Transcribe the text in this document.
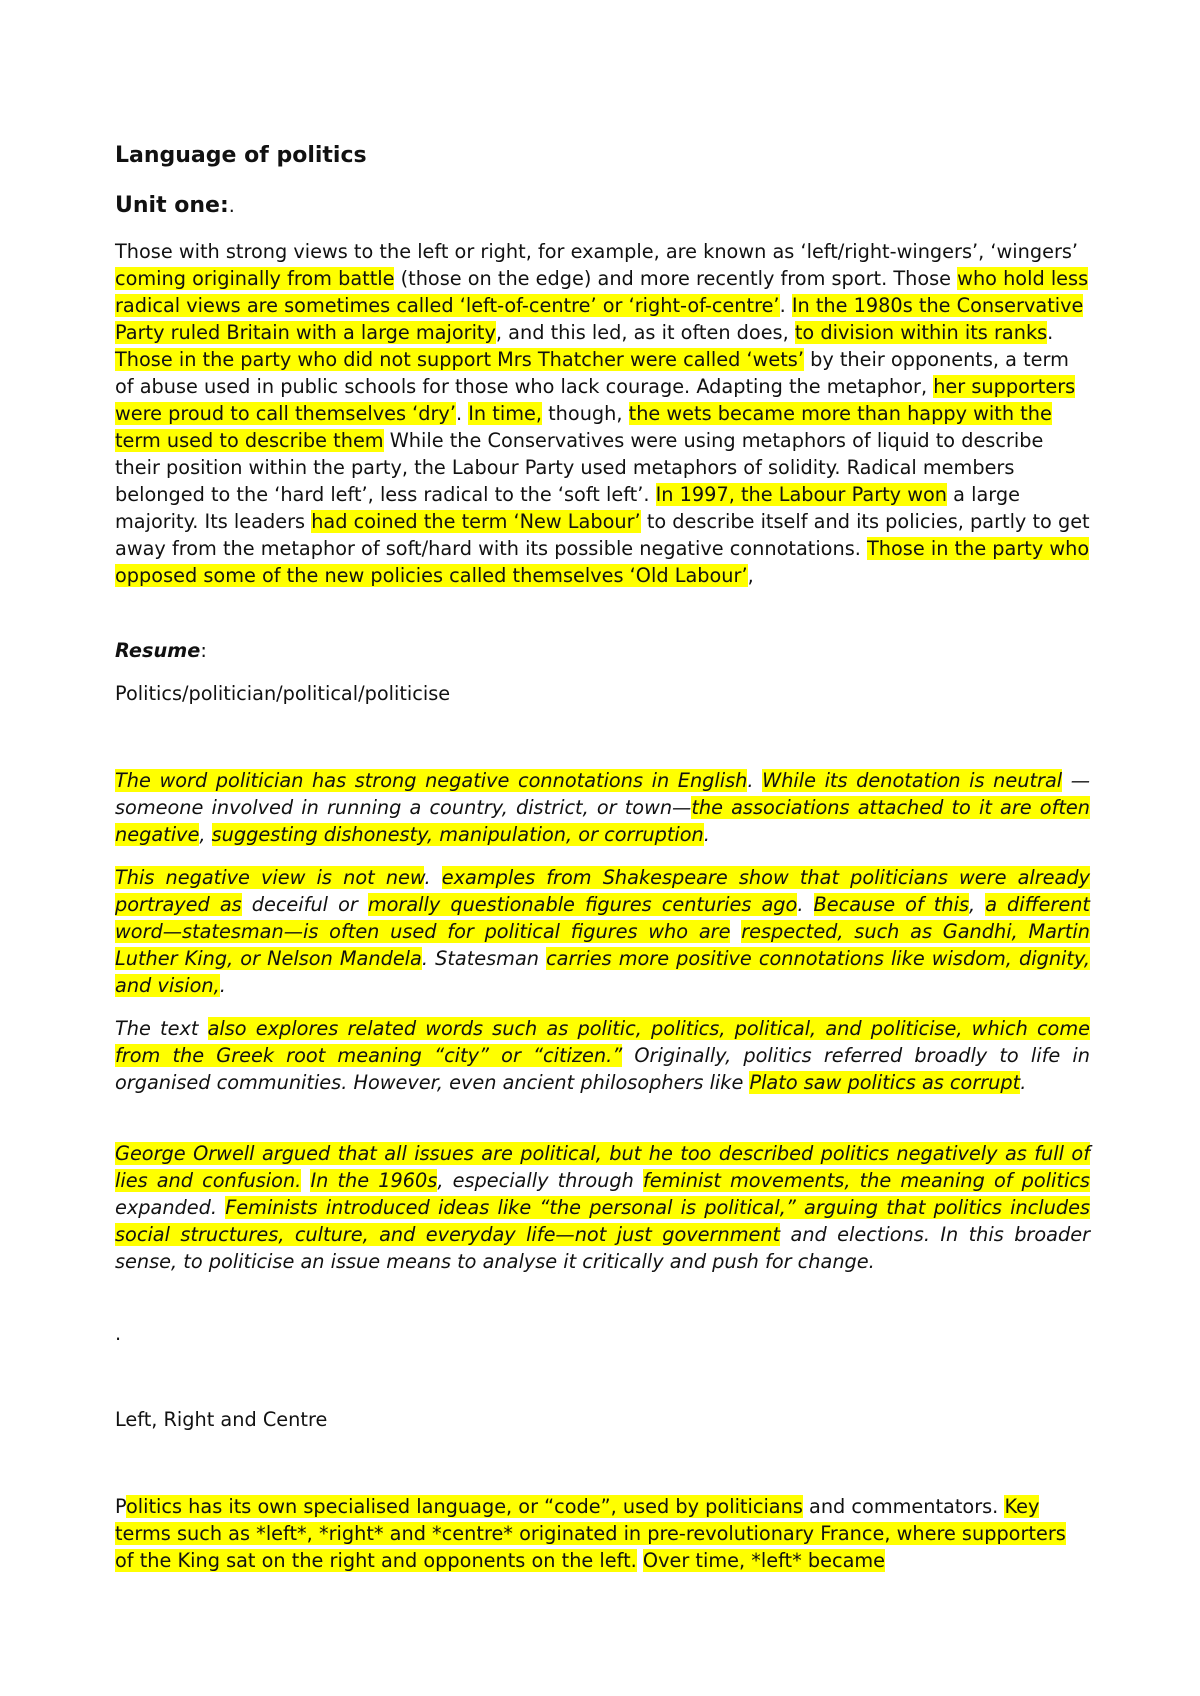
Language of politics
Unit one:.

Those with strong views to the left or right, for example, are known as ‘left/right-wingers’, ‘wingers’ coming originally from battle (those on the edge) and more recently from sport. Those who hold less radical views are sometimes called ‘left-of-centre’ or ‘right-of-centre’. In the 1980s the Conservative Party ruled Britain with a large majority, and this led, as it often does, to division within its ranks. Those in the party who did not support Mrs Thatcher were called ‘wets’ by their opponents, a term of abuse used in public schools for those who lack courage. Adapting the metaphor, her supporters were proud to call themselves ‘dry’. In time, though, the wets became more than happy with the term used to describe them While the Conservatives were using metaphors of liquid to describe their position within the party, the Labour Party used metaphors of solidity. Radical members belonged to the ‘hard left’, less radical to the ‘soft left’. In 1997, the Labour Party won a large majority. Its leaders had coined the term ‘New Labour’ to describe itself and its policies, partly to get away from the metaphor of soft/hard with its possible negative connotations. Those in the party who opposed some of the new policies called themselves ‘Old Labour’,

Resume:

Politics/politician/political/politicise

The word politician has strong negative connotations in English. While its denotation is neutral —someone involved in running a country, district, or town—the associations attached to it are often negative, suggesting dishonesty, manipulation, or corruption.

This negative view is not new. examples from Shakespeare show that politicians were already portrayed as deceiful or morally questionable figures centuries ago. Because of this, a different word—statesman—is often used for political figures who are respected, such as Gandhi, Martin Luther King, or Nelson Mandela. Statesman carries more positive connotations like wisdom, dignity, and vision,.

The text also explores related words such as politic, politics, political, and politicise, which come from the Greek root meaning “city” or “citizen.” Originally, politics referred broadly to life in organised communities. However, even ancient philosophers like Plato saw politics as corrupt.

George Orwell argued that all issues are political, but he too described politics negatively as full of lies and confusion. In the 1960s, especially through feminist movements, the meaning of politics expanded. Feminists introduced ideas like “the personal is political,” arguing that politics includes social structures, culture, and everyday life—not just government and elections. In this broader sense, to politicise an issue means to analyse it critically and push for change.

.

Left, Right and Centre

Politics has its own specialised language, or “code”, used by politicians and commentators. Key terms such as *left*, *right* and *centre* originated in pre-revolutionary France, where supporters of the King sat on the right and opponents on the left. Over time, *left* became
